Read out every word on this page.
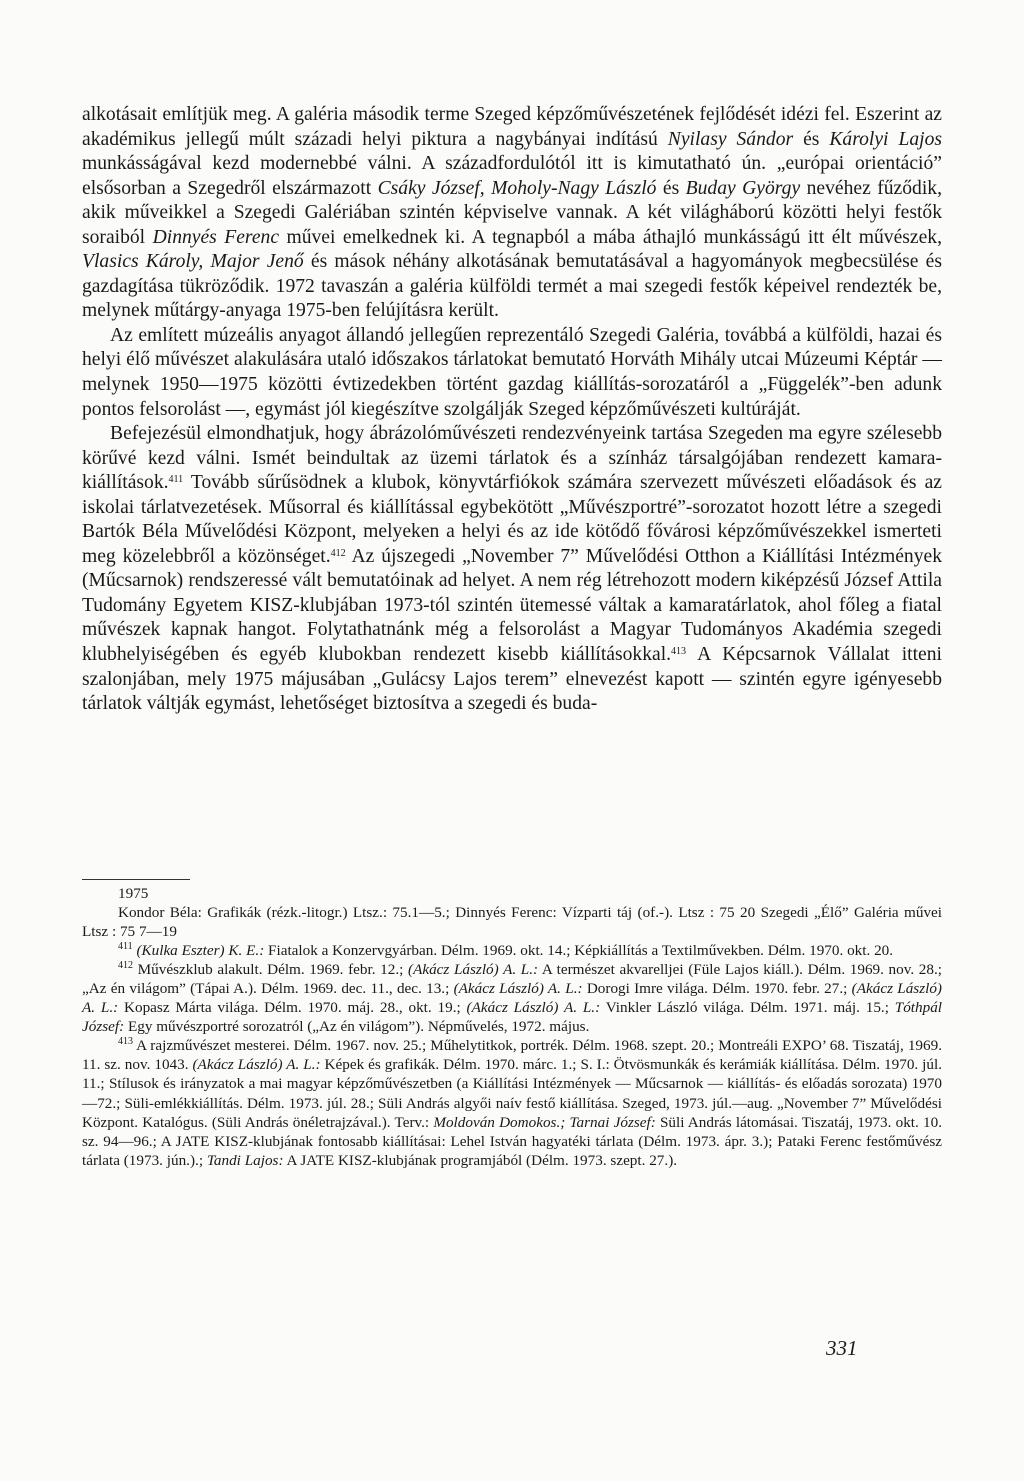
alkotásait említjük meg. A galéria második terme Szeged képzőművészetének fejlődését idézi fel. Eszerint az akadémikus jellegű múlt századi helyi piktura a nagybányai indítású Nyilasy Sándor és Károlyi Lajos munkásságával kezd modernebbé válni. A századfordulótól itt is kimutatható ún. „európai orientáció” elsősorban a Szegedről elszármazott Csáky József, Moholy-Nagy László és Buday György nevéhez fűződik, akik műveikkel a Szegedi Galériában szintén képviselve vannak. A két világháború közötti helyi festők soraiból Dinnyés Ferenc művei emelkednek ki. A tegnapból a mába áthajló munkásságú itt élt művészek, Vlasics Károly, Major Jenő és mások néhány alkotásának bemutatásával a hagyományok megbecsülése és gazdagítása tükröződik. 1972 tavaszán a galéria külföldi termét a mai szegedi festők képeivel rendezték be, melynek műtárgy-anyaga 1975-ben felújításra került.

Az említett múzeális anyagot állandó jellegűen reprezentáló Szegedi Galéria, továbbá a külföldi, hazai és helyi élő művészet alakulására utaló időszakos tárlatokat bemutató Horváth Mihály utcai Múzeumi Képtár — melynek 1950—1975 közötti évtizedekben történt gazdag kiállítás-sorozatáról a „Függelék”-ben adunk pontos felsorolást —, egymást jól kiegészítve szolgálják Szeged képzőművészeti kultúráját.

Befejezésül elmondhatjuk, hogy ábrázolóművészeti rendezvényeink tartása Szegeden ma egyre szélesebb körűvé kezd válni. Ismét beindultak az üzemi tárlatok és a színház társalgójában rendezett kamara-kiállítások.$^{411}$ Tovább sűrűsödnek a klubok, könyvtárfiókok számára szervezett művészeti előadások és az iskolai tárlatvezetések. Műsorral és kiállítással egybekötött „Művészportré”-sorozatot hozott létre a szegedi Bartók Béla Művelődési Központ, melyeken a helyi és az ide kötődő fővárosi képzőművészekkel ismerteti meg közelebbről a közönséget.$^{412}$ Az újszegedi „November 7” Művelődési Otthon a Kiállítási Intézmények (Műcsarnok) rendszeressé vált bemutatóinak ad helyet. A nem rég létrehozott modern kiképzésű József Attila Tudomány Egyetem KISZ-klubjában 1973-tól szintén ütemessé váltak a kamaratárlatok, ahol főleg a fiatal művészek kapnak hangot. Folytathatnánk még a felsorolást a Magyar Tudományos Akadémia szegedi klubhelyiségében és egyéb klubokban rendezett kisebb kiállításokkal.$^{413}$ A Képcsarnok Vállalat itteni szalonjában, mely 1975 májusában „Gulácsy Lajos terem” elnevezést kapott — szintén egyre igényesebb tárlatok váltják egymást, lehetőséget biztosítva a szegedi és buda-

1975

Kondor Béla: Grafikák (rézk.-litogr.) Ltsz.: 75.1—5.; Dinnyés Ferenc: Vízparti táj (of.-). Ltsz : 75 20 Szegedi „Élő” Galéria művei Ltsz : 75 7—19

$^{411}$ (Kulka Eszter) K. E.: Fiatalok a Konzervgyárban. Délm. 1969. okt. 14.; Képkiállítás a Textilművekben. Délm. 1970. okt. 20.

$^{412}$ Művészklub alakult. Délm. 1969. febr. 12.; (Akácz László) A. L.: A természet akvarelljei (Füle Lajos kiáll.). Délm. 1969. nov. 28.; „Az én világom” (Tápai A.). Délm. 1969. dec. 11., dec. 13.; (Akácz László) A. L.: Dorogi Imre világa. Délm. 1970. febr. 27.; (Akácz László) A. L.: Kopasz Márta világa. Délm. 1970. máj. 28., okt. 19.; (Akácz László) A. L.: Vinkler László világa. Délm. 1971. máj. 15.; Tóthpál József: Egy művészportré sorozatról („Az én világom”). Népművelés, 1972. május.

$^{413}$ A rajzművészet mesterei. Délm. 1967. nov. 25.; Műhelytitkok, portrék. Délm. 1968. szept. 20.; Montreáli EXPO’ 68. Tiszatáj, 1969. 11. sz. nov. 1043. (Akácz László) A. L.: Képek és grafikák. Délm. 1970. márc. 1.; S. I.: Ötvösmunkák és kerámiák kiállítása. Délm. 1970. júl. 11.; Stílusok és irányzatok a mai magyar képzőművészetben (a Kiállítási Intézmények — Műcsarnok — kiállítás- és előadás sorozata) 1970—72.; Süli-emlékkiállítás. Délm. 1973. júl. 28.; Süli András algyői naív festő kiállítása. Szeged, 1973. júl.—aug. „November 7” Művelődési Központ. Katalógus. (Süli András önéletrajzával.). Terv.: Moldován Domokos.; Tarnai József: Süli András látomásai. Tiszatáj, 1973. okt. 10. sz. 94—96.; A JATE KISZ-klubjának fontosabb kiállításai: Lehel István hagyatéki tárlata (Délm. 1973. ápr. 3.); Pataki Ferenc festőművész tárlata (1973. jún.).; Tandi Lajos: A JATE KISZ-klubjának programjából (Délm. 1973. szept. 27.).

331
